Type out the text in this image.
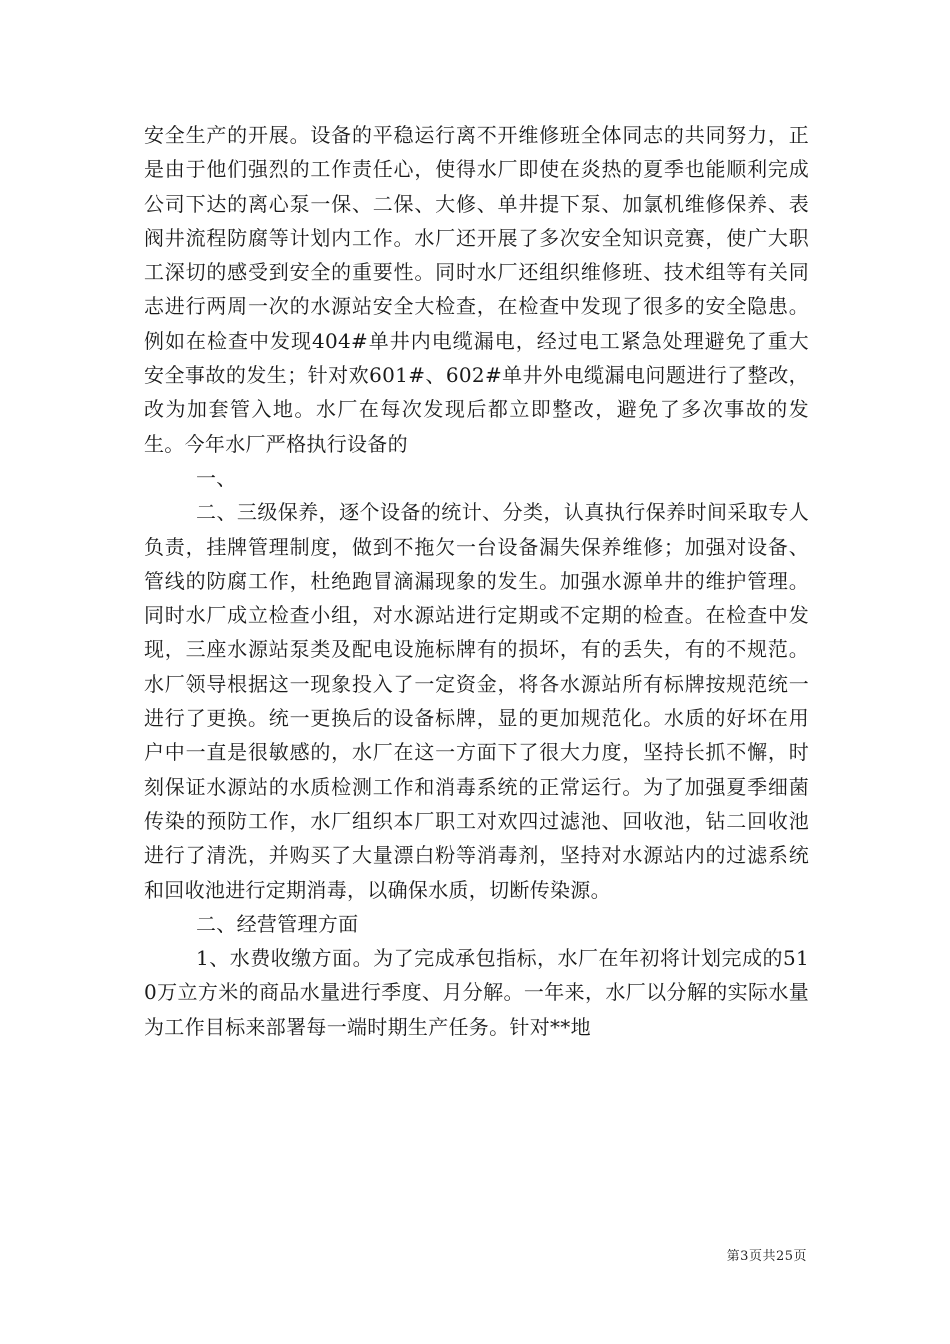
安全生产的开展。设备的平稳运行离不开维修班全体同志的共同努力，正是由于他们强烈的工作责任心，使得水厂即使在炎热的夏季也能顺利完成公司下达的离心泵一保、二保、大修、单井提下泵、加氯机维修保养、表阀井流程防腐等计划内工作。水厂还开展了多次安全知识竞赛，使广大职工深切的感受到安全的重要性。同时水厂还组织维修班、技术组等有关同志进行两周一次的水源站安全大检查，在检查中发现了很多的安全隐患。例如在检查中发现404#单井内电缆漏电，经过电工紧急处理避免了重大安全事故的发生；针对欢601#、602#单井外电缆漏电问题进行了整改，改为加套管入地。水厂在每次发现后都立即整改，避免了多次事故的发生。今年水厂严格执行设备的

一、

二、三级保养，逐个设备的统计、分类，认真执行保养时间采取专人负责，挂牌管理制度，做到不拖欠一台设备漏失保养维修；加强对设备、管线的防腐工作，杜绝跑冒滴漏现象的发生。加强水源单井的维护管理。同时水厂成立检查小组，对水源站进行定期或不定期的检查。在检查中发现，三座水源站泵类及配电设施标牌有的损坏，有的丢失，有的不规范。水厂领导根据这一现象投入了一定资金，将各水源站所有标牌按规范统一进行了更换。统一更换后的设备标牌，显的更加规范化。水质的好坏在用户中一直是很敏感的，水厂在这一方面下了很大力度，坚持长抓不懈，时刻保证水源站的水质检测工作和消毒系统的正常运行。为了加强夏季细菌传染的预防工作，水厂组织本厂职工对欢四过滤池、回收池，钻二回收池进行了清洗，并购买了大量漂白粉等消毒剂，坚持对水源站内的过滤系统和回收池进行定期消毒，以确保水质，切断传染源。

二、经营管理方面

1、水费收缴方面。为了完成承包指标，水厂在年初将计划完成的510万立方米的商品水量进行季度、月分解。一年来，水厂以分解的实际水量为工作目标来部署每一端时期生产任务。针对**地

第3页共25页
